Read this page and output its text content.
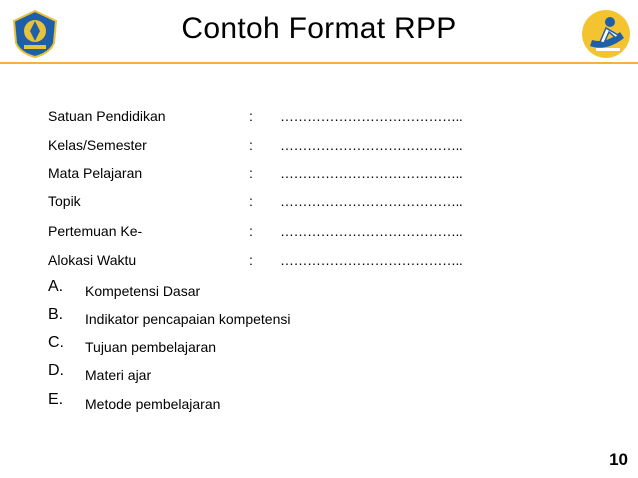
Contoh Format RPP
Satuan Pendidikan	: …………………………………..
Kelas/Semester	: …………………………………..
Mata Pelajaran	: …………………………………..
Topik	: …………………………………..
Pertemuan Ke-	: …………………………………..
Alokasi Waktu	: …………………………………..
A. Kompetensi Dasar
B. Indikator pencapaian kompetensi
C. Tujuan pembelajaran
D. Materi ajar
E. Metode pembelajaran
10
